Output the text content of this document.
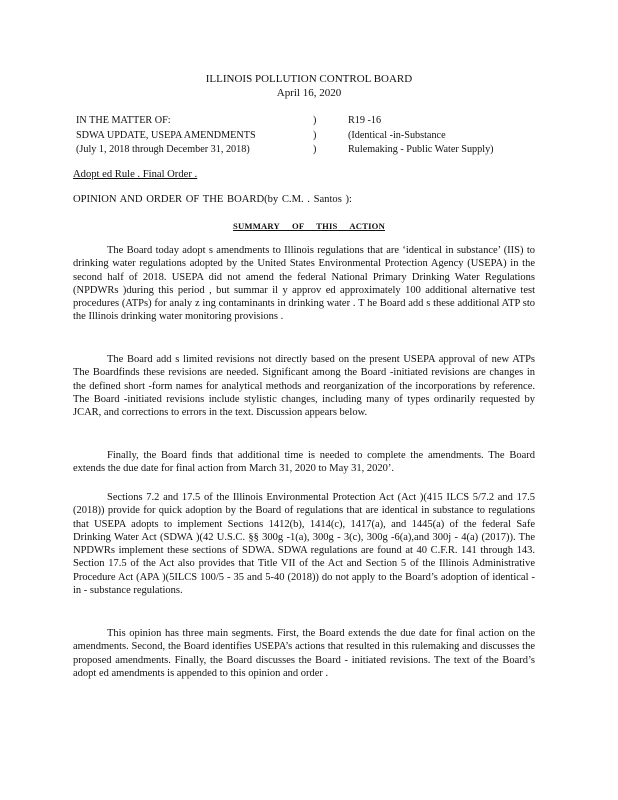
ILLINOIS POLLUTION CONTROL BOARD
April 16, 2020
IN THE MATTER OF:	)	R19 -16
SDWA UPDATE, USEPA AMENDMENTS	)	(Identical -in-Substance
(July 1, 2018 through December 31, 2018)	)	Rulemaking - Public Water Supply)
Adopt ed Rule . Final Order .
OPINION AND ORDER OF THE BOARD(by C.M. . Santos ):
SUMMARY OF THIS ACTION

The Board today adopt s amendments to Illinois regulations that are ‘identical in substance’ (IIS) to drinking water regulations adopted by the United States Environmental Protection Agency (USEPA) in the second half of 2018. USEPA did not amend the federal National Primary Drinking Water Regulations (NPDWRs )during this period , but summar il y approv ed approximately 100 additional alternative test procedures (ATPs) for analy z ing contaminants in drinking water . T he Board add s these additional ATP sto the Illinois drinking water monitoring provisions .

The Board add s limited revisions not directly based on the present USEPA approval of new ATPs The Boardfinds these revisions are needed. Significant among the Board -initiated revisions are changes in the defined short -form names for analytical methods and reorganization of the incorporations by reference. The Board -initiated revisions include stylistic changes, including many of types ordinarily requested by JCAR, and corrections to errors in the text. Discussion appears below.

Finally, the Board finds that additional time is needed to complete the amendments. The Board extends the due date for final action from March 31, 2020 to May 31, 2020’.

Sections 7.2 and 17.5 of the Illinois Environmental Protection Act (Act )(415 ILCS 5/7.2 and 17.5 (2018)) provide for quick adoption by the Board of regulations that are identical in substance to regulations that USEPA adopts to implement Sections 1412(b), 1414(c), 1417(a), and 1445(a) of the federal Safe Drinking Water Act (SDWA )(42 U.S.C. §§ 300g -1(a), 300g - 3(c), 300g -6(a),and 300j - 4(a) (2017)). The NPDWRs implement these sections of SDWA. SDWA regulations are found at 40 C.F.R. 141 through 143. Section 17.5 of the Act also provides that Title VII of the Act and Section 5 of the Illinois Administrative Procedure Act (APA )(5ILCS 100/5 - 35 and 5-40 (2018)) do not apply to the Board’s adoption of identical -in - substance regulations.

This opinion has three main segments. First, the Board extends the due date for final action on the amendments. Second, the Board identifies USEPA’s actions that resulted in this rulemaking and discusses the proposed amendments. Finally, the Board discusses the Board - initiated revisions. The text of the Board’s adopt ed amendments is appended to this opinion and order .
